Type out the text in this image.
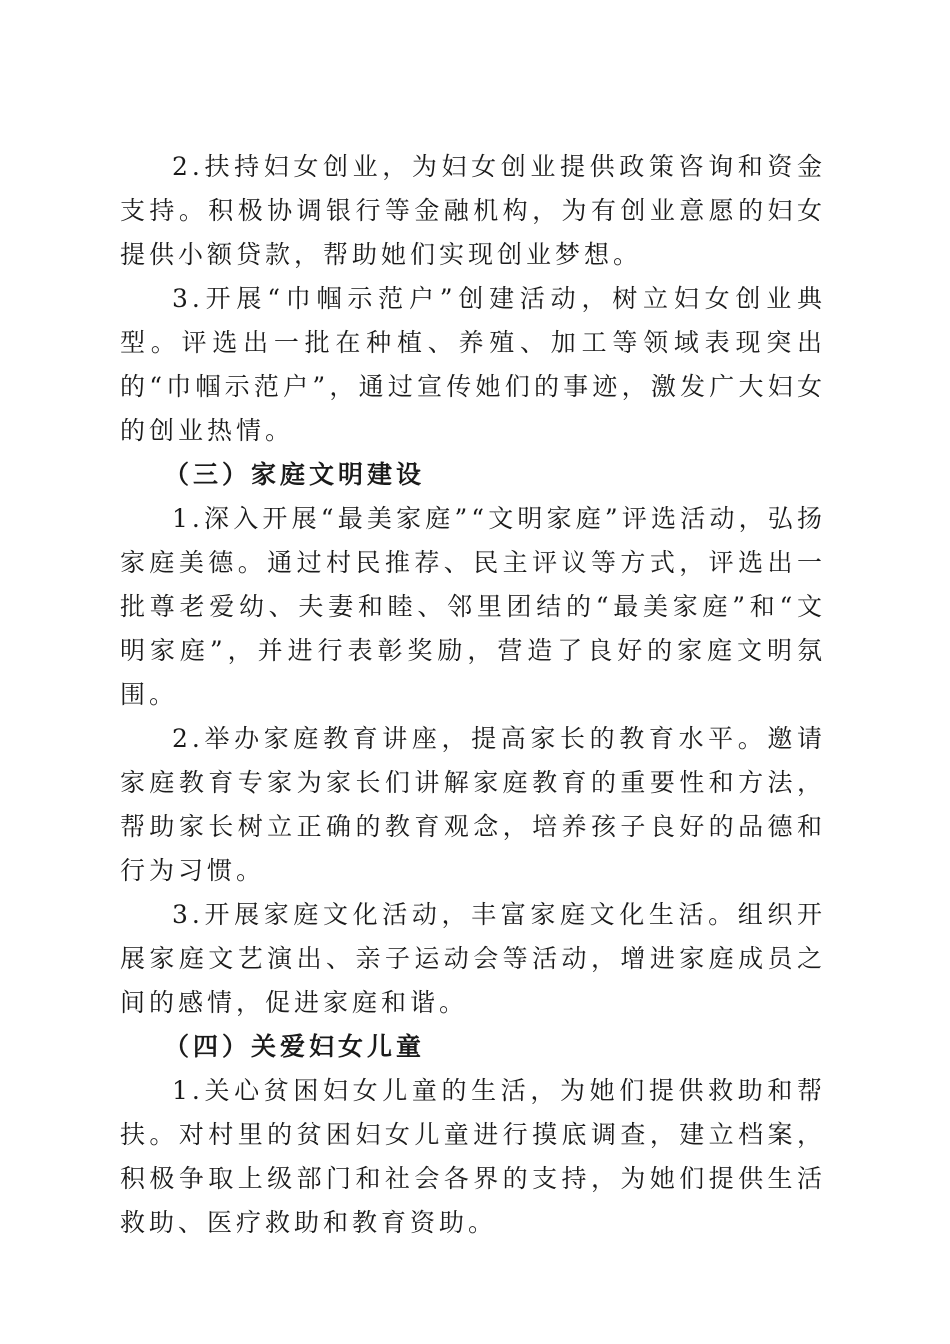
2.扶持妇女创业，为妇女创业提供政策咨询和资金支持。积极协调银行等金融机构，为有创业意愿的妇女提供小额贷款，帮助她们实现创业梦想。

3.开展“巾帼示范户”创建活动，树立妇女创业典型。评选出一批在种植、养殖、加工等领域表现突出的“巾帼示范户”，通过宣传她们的事迹，激发广大妇女的创业热情。

（三）家庭文明建设

1.深入开展“最美家庭”“文明家庭”评选活动，弘扬家庭美德。通过村民推荐、民主评议等方式，评选出一批尊老爱幼、夫妻和睦、邻里团结的“最美家庭”和“文明家庭”，并进行表彰奖励，营造了良好的家庭文明氛围。

2.举办家庭教育讲座，提高家长的教育水平。邀请家庭教育专家为家长们讲解家庭教育的重要性和方法，帮助家长树立正确的教育观念，培养孩子良好的品德和行为习惯。

3.开展家庭文化活动，丰富家庭文化生活。组织开展家庭文艺演出、亲子运动会等活动，增进家庭成员之间的感情，促进家庭和谐。

（四）关爱妇女儿童

1.关心贫困妇女儿童的生活，为她们提供救助和帮扶。对村里的贫困妇女儿童进行摸底调查，建立档案，积极争取上级部门和社会各界的支持，为她们提供生活救助、医疗救助和教育资助。
